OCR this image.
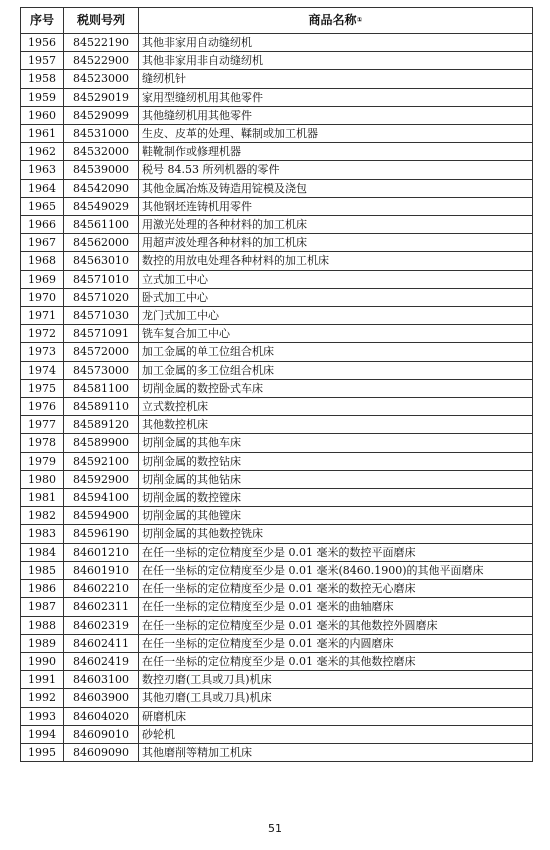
序号	税则号列	商品名称①
1956	84522190	其他非家用自动缝纫机
1957	84522900	其他非家用非自动缝纫机
1958	84523000	缝纫机针
1959	84529019	家用型缝纫机用其他零件
1960	84529099	其他缝纫机用其他零件
1961	84531000	生皮、皮革的处理、鞣制或加工机器
1962	84532000	鞋靴制作或修理机器
1963	84539000	税号 84.53 所列机器的零件
1964	84542090	其他金属冶炼及铸造用锭模及浇包
1965	84549029	其他钢坯连铸机用零件
1966	84561100	用激光处理的各种材料的加工机床
1967	84562000	用超声波处理各种材料的加工机床
1968	84563010	数控的用放电处理各种材料的加工机床
1969	84571010	立式加工中心
1970	84571020	卧式加工中心
1971	84571030	龙门式加工中心
1972	84571091	铣车复合加工中心
1973	84572000	加工金属的单工位组合机床
1974	84573000	加工金属的多工位组合机床
1975	84581100	切削金属的数控卧式车床
1976	84589110	立式数控机床
1977	84589120	其他数控机床
1978	84589900	切削金属的其他车床
1979	84592100	切削金属的数控钻床
1980	84592900	切削金属的其他钻床
1981	84594100	切削金属的数控镗床
1982	84594900	切削金属的其他镗床
1983	84596190	切削金属的其他数控铣床
1984	84601210	在任一坐标的定位精度至少是 0.01 毫米的数控平面磨床
1985	84601910	在任一坐标的定位精度至少是 0.01 毫米(8460.1900)的其他平面磨床
1986	84602210	在任一坐标的定位精度至少是 0.01 毫米的数控无心磨床
1987	84602311	在任一坐标的定位精度至少是 0.01 毫米的曲轴磨床
1988	84602319	在任一坐标的定位精度至少是 0.01 毫米的其他数控外圆磨床
1989	84602411	在任一坐标的定位精度至少是 0.01 毫米的内圆磨床
1990	84602419	在任一坐标的定位精度至少是 0.01 毫米的其他数控磨床
1991	84603100	数控刃磨(工具或刀具)机床
1992	84603900	其他刃磨(工具或刀具)机床
1993	84604020	研磨机床
1994	84609010	砂轮机
1995	84609090	其他磨削等精加工机床
51
